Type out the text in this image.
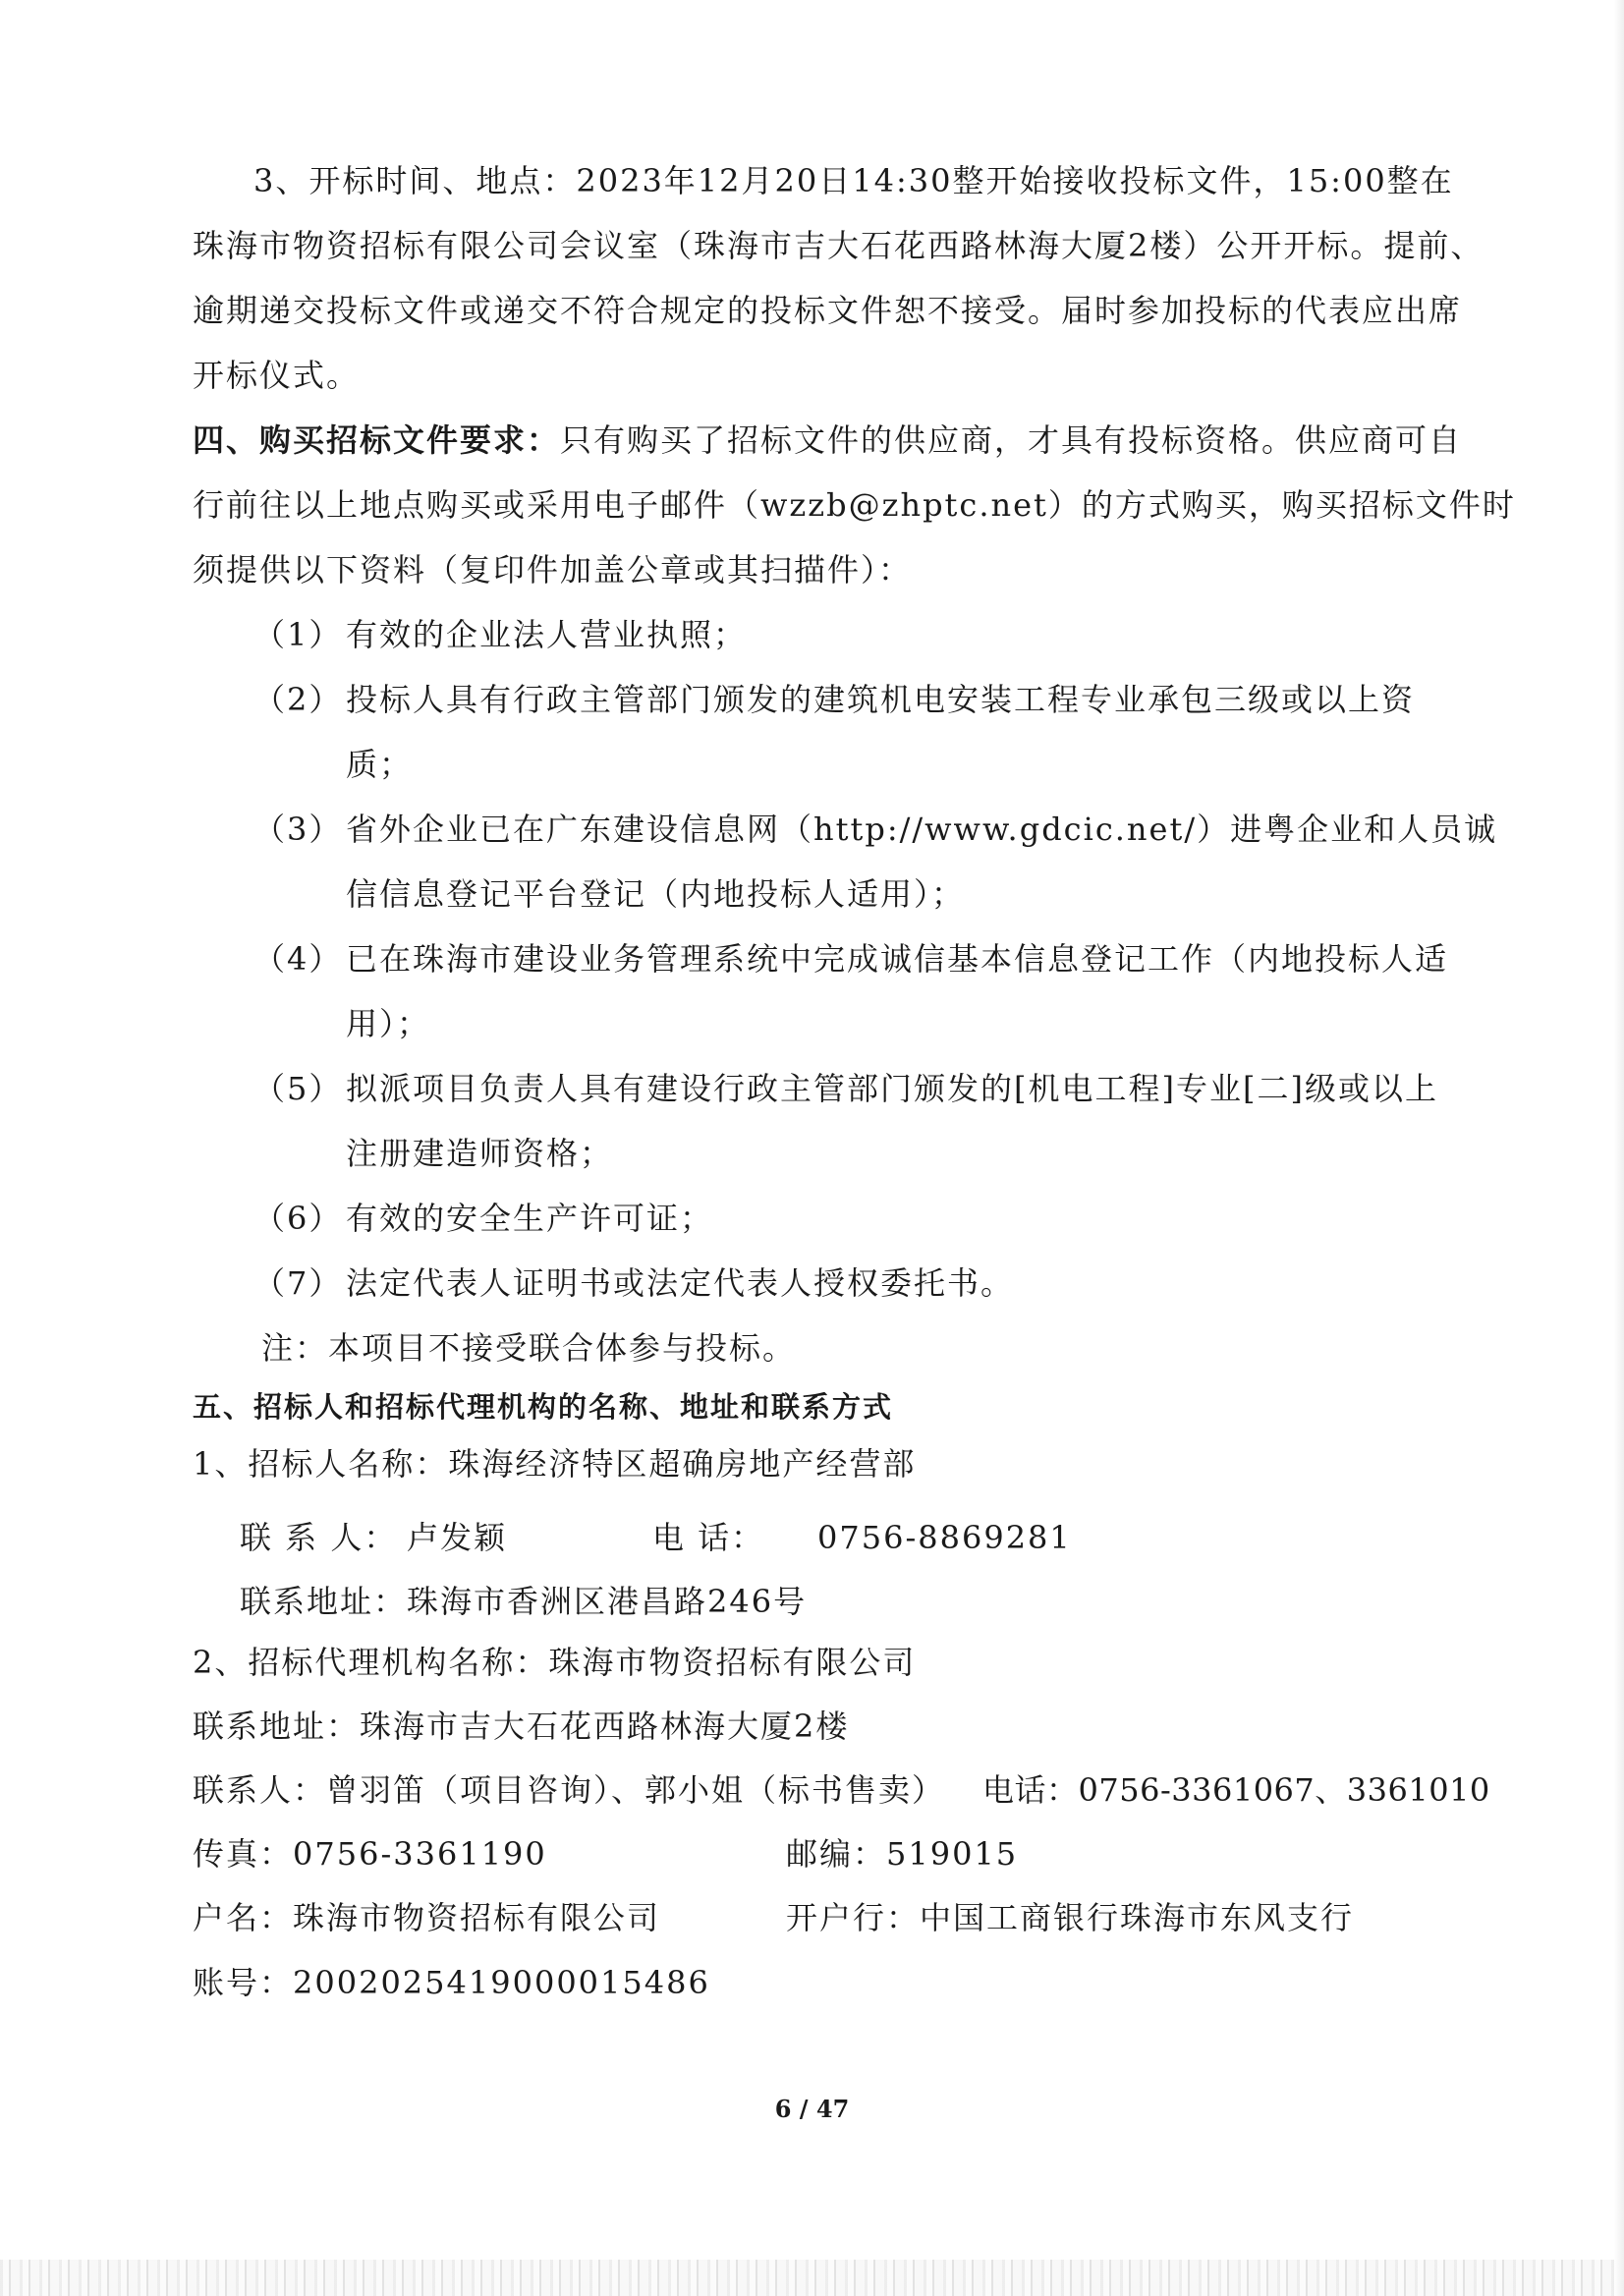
3、开标时间、地点：2023年12月20日14:30整开始接收投标文件，15:00整在
珠海市物资招标有限公司会议室（珠海市吉大石花西路林海大厦2楼）公开开标。提前、
逾期递交投标文件或递交不符合规定的投标文件恕不接受。届时参加投标的代表应出席
开标仪式。
四、购买招标文件要求：只有购买了招标文件的供应商，才具有投标资格。供应商可自
行前往以上地点购买或采用电子邮件（wzzb@zhptc.net）的方式购买，购买招标文件时
须提供以下资料（复印件加盖公章或其扫描件）：
（1） 有效的企业法人营业执照；
（2） 投标人具有行政主管部门颁发的建筑机电安装工程专业承包三级或以上资
质；
（3） 省外企业已在广东建设信息网（http://www.gdcic.net/）进粤企业和人员诚
信信息登记平台登记（内地投标人适用）；
（4） 已在珠海市建设业务管理系统中完成诚信基本信息登记工作（内地投标人适
用）；
（5） 拟派项目负责人具有建设行政主管部门颁发的[机电工程]专业[二]级或以上
注册建造师资格；
（6） 有效的安全生产许可证；
（7） 法定代表人证明书或法定代表人授权委托书。
注：本项目不接受联合体参与投标。
五、招标人和招标代理机构的名称、地址和联系方式
1、招标人名称：珠海经济特区超确房地产经营部
联 系 人： 卢发颖	电 话： 0756-8869281
联系地址：珠海市香洲区港昌路246号
2、招标代理机构名称：珠海市物资招标有限公司
联系地址：珠海市吉大石花西路林海大厦2楼
联系人：曾羽笛（项目咨询）、郭小姐（标书售卖） 电话：0756-3361067、3361010
传真：0756-3361190	邮编：519015
户名：珠海市物资招标有限公司	开户行：中国工商银行珠海市东风支行
账号：2002025419000015486
6 / 47
